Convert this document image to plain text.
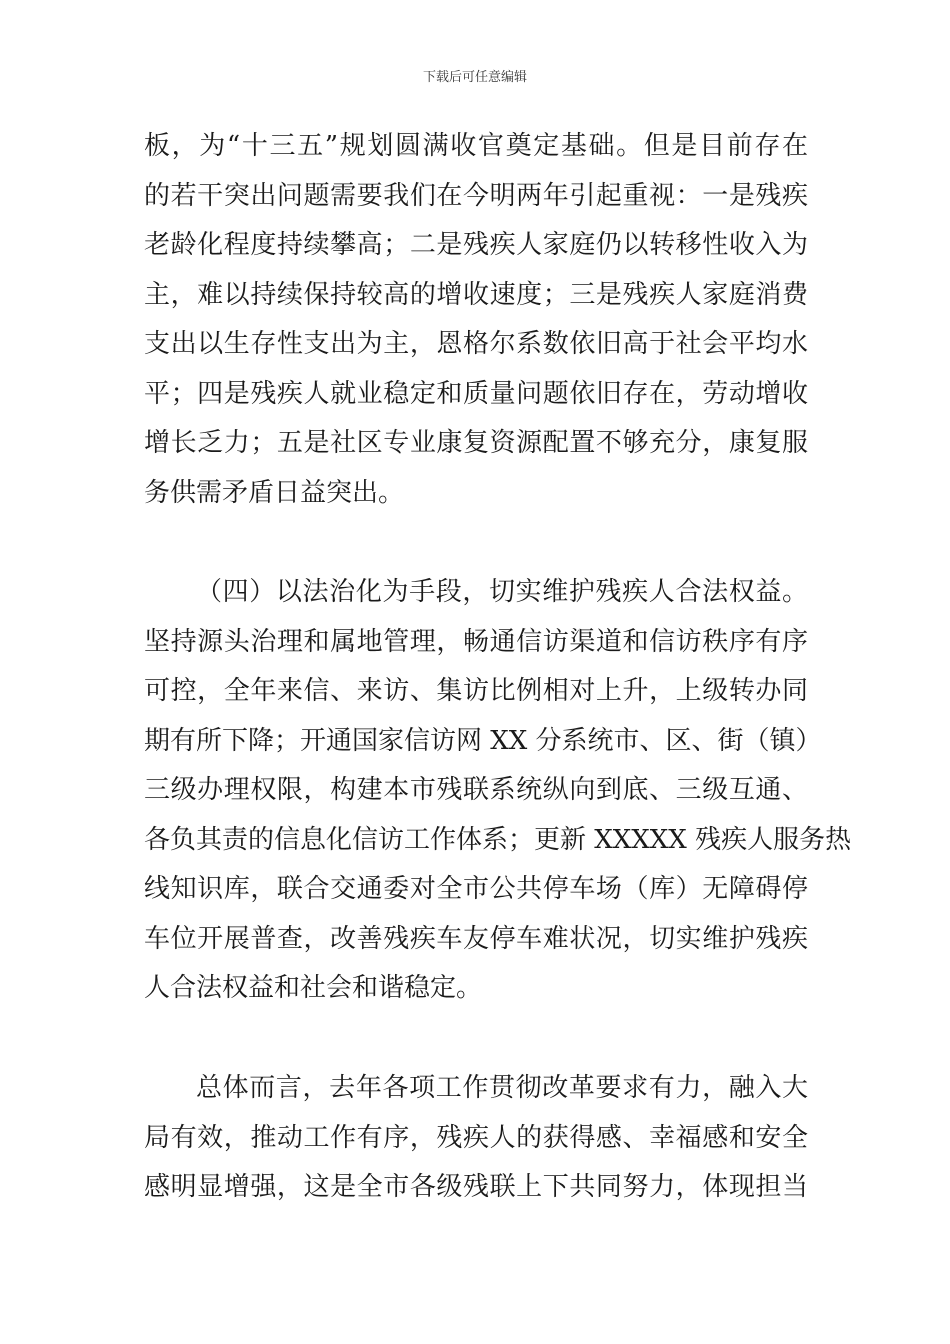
下载后可任意编辑
板，为“十三五”规划圆满收官奠定基础。但是目前存在
的若干突出问题需要我们在今明两年引起重视：一是残疾
老龄化程度持续攀高；二是残疾人家庭仍以转移性收入为
主，难以持续保持较高的增收速度；三是残疾人家庭消费
支出以生存性支出为主，恩格尔系数依旧高于社会平均水
平；四是残疾人就业稳定和质量问题依旧存在，劳动增收
增长乏力；五是社区专业康复资源配置不够充分，康复服
务供需矛盾日益突出。
（四）以法治化为手段，切实维护残疾人合法权益。
坚持源头治理和属地管理，畅通信访渠道和信访秩序有序
可控，全年来信、来访、集访比例相对上升，上级转办同
期有所下降；开通国家信访网 XX 分系统市、区、街（镇）
三级办理权限，构建本市残联系统纵向到底、三级互通、
各负其责的信息化信访工作体系；更新 XXXXX 残疾人服务热
线知识库，联合交通委对全市公共停车场（库）无障碍停
车位开展普查，改善残疾车友停车难状况，切实维护残疾
人合法权益和社会和谐稳定。
总体而言，去年各项工作贯彻改革要求有力，融入大
局有效，推动工作有序，残疾人的获得感、幸福感和安全
感明显增强，这是全市各级残联上下共同努力，体现担当
